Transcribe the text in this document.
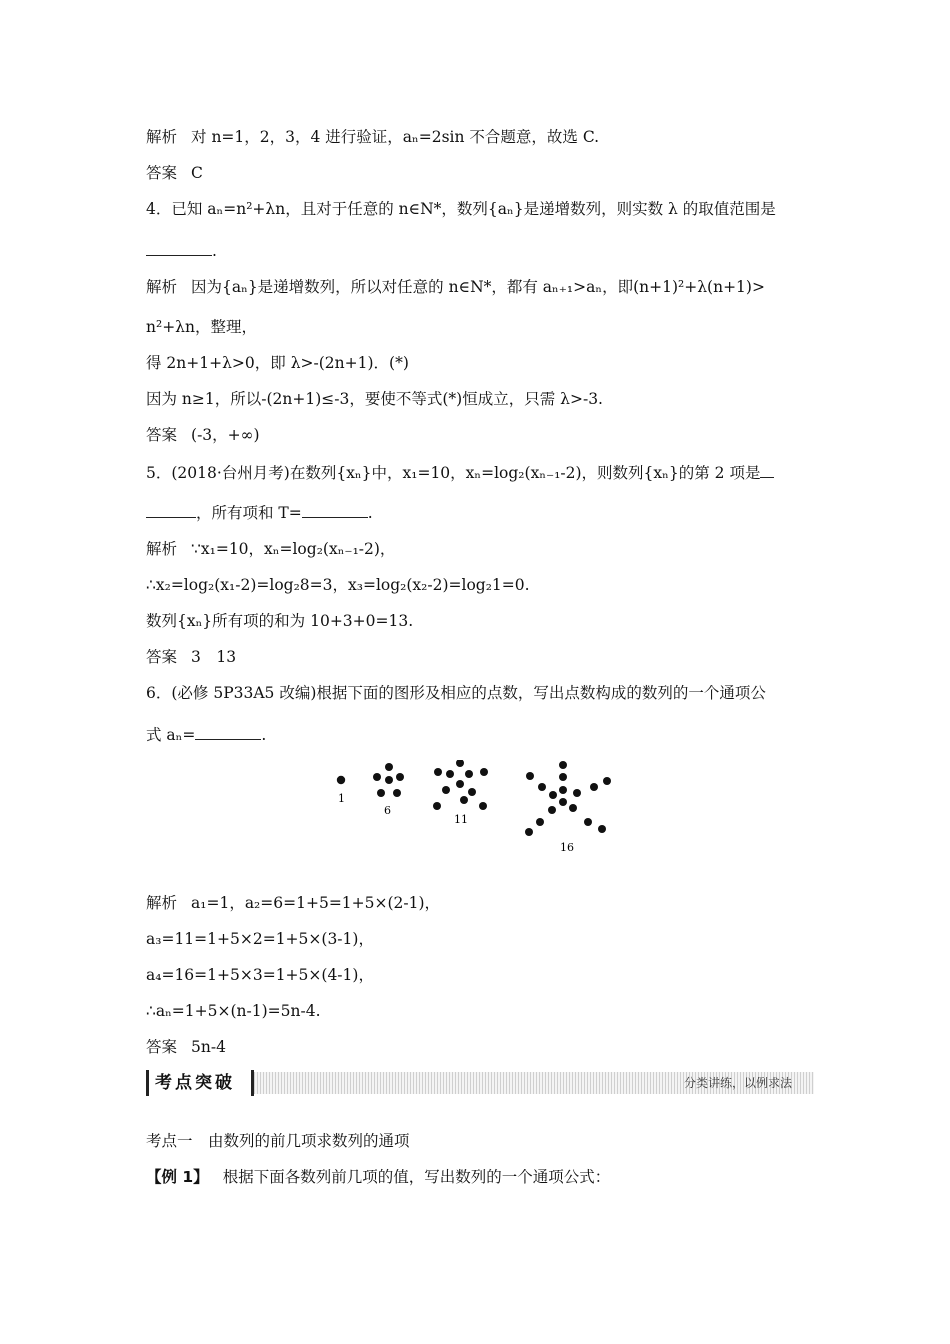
解析 对 n=1，2，3，4 进行验证，aₙ=2sin 不合题意，故选 C.
答案 C
4．已知 aₙ=n²+λn，且对于任意的 n∈N*，数列{aₙ}是递增数列，则实数 λ 的取值范围是
.
解析 因为{aₙ}是递增数列，所以对任意的 n∈N*，都有 aₙ₊₁>aₙ，即(n+1)²+λ(n+1)>
n²+λn，整理，
得 2n+1+λ>0，即 λ>-(2n+1)．(*)
因为 n≥1，所以-(2n+1)≤-3，要使不等式(*)恒成立，只需 λ>-3.
答案 (-3，+∞)
5．(2018·台州月考)在数列{xₙ}中，x₁=10，xₙ=log₂(xₙ₋₁-2)，则数列{xₙ}的第 2 项是
，所有项和 T=	.
解析 ∵x₁=10，xₙ=log₂(xₙ₋₁-2)，
∴x₂=log₂(x₁-2)=log₂8=3，x₃=log₂(x₂-2)=log₂1=0.
数列{xₙ}所有项的和为 10+3+0=13.
答案 3　13
6．(必修 5P33A5 改编)根据下面的图形及相应的点数，写出点数构成的数列的一个通项公
式 aₙ=	.
1
6
11
16
解析 a₁=1，a₂=6=1+5=1+5×(2-1)，
a₃=11=1+5×2=1+5×(3-1)，
a₄=16=1+5×3=1+5×(4-1)，
∴aₙ=1+5×(n-1)=5n-4.
答案 5n-4
考点突破	分类讲练，以例求法
考点一　由数列的前几项求数列的通项
【例 1】 根据下面各数列前几项的值，写出数列的一个通项公式：
